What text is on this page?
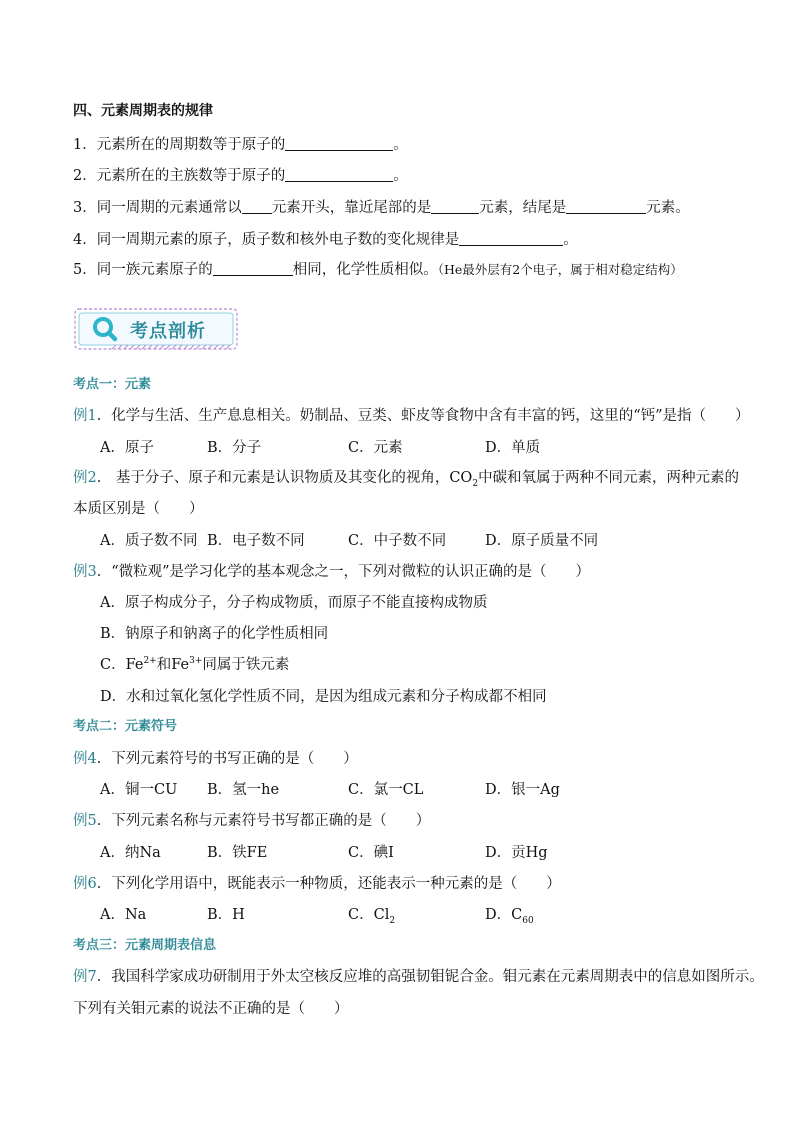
四、元素周期表的规律
1．元素所在的周期数等于原子的	。
2．元素所在的主族数等于原子的	。
3．同一周期的元素通常以 元素开头，靠近尾部的是	元素，结尾是	元素。
4．同一周期元素的原子，质子数和核外电子数的变化规律是	。
5．同一族元素原子的	相同，化学性质相似。（He最外层有2个电子，属于相对稳定结构）
考点剖析
考点一：元素
例1．化学与生活、生产息息相关。奶制品、豆类、虾皮等食物中含有丰富的钙，这里的“钙”是指（　　）
A．原子	B．分子	C．元素	D．单质
例2． 基于分子、原子和元素是认识物质及其变化的视角，$CO_2$中碳和氧属于两种不同元素，两种元素的
本质区别是（　　）
A．质子数不同 B．电子数不同	C．中子数不同	D．原子质量不同
例3．“微粒观”是学习化学的基本观念之一，下列对微粒的认识正确的是（　　）
A．原子构成分子，分子构成物质，而原子不能直接构成物质
B．钠原子和钠离子的化学性质相同
C．$Fe^{2+}$和$Fe^{3+}$同属于铁元素
D．水和过氧化氢化学性质不同，是因为组成元素和分子构成都不相同
考点二：元素符号
例4．下列元素符号的书写正确的是（　　）
A．铜一CU B．氢一he	C．氯一CL	D．银一Ag
例5．下列元素名称与元素符号书写都正确的是（　　）
A．纳Na	B．铁FE	C．碘I	D．贡Hg
例6．下列化学用语中，既能表示一种物质，还能表示一种元素的是（　　）
A．Na	B．H	C．$Cl_2$	D．$C_{60}$
考点三：元素周期表信息
例7．我国科学家成功研制用于外太空核反应堆的高强韧钼铌合金。钼元素在元素周期表中的信息如图所示。
下列有关钼元素的说法不正确的是（　　）
